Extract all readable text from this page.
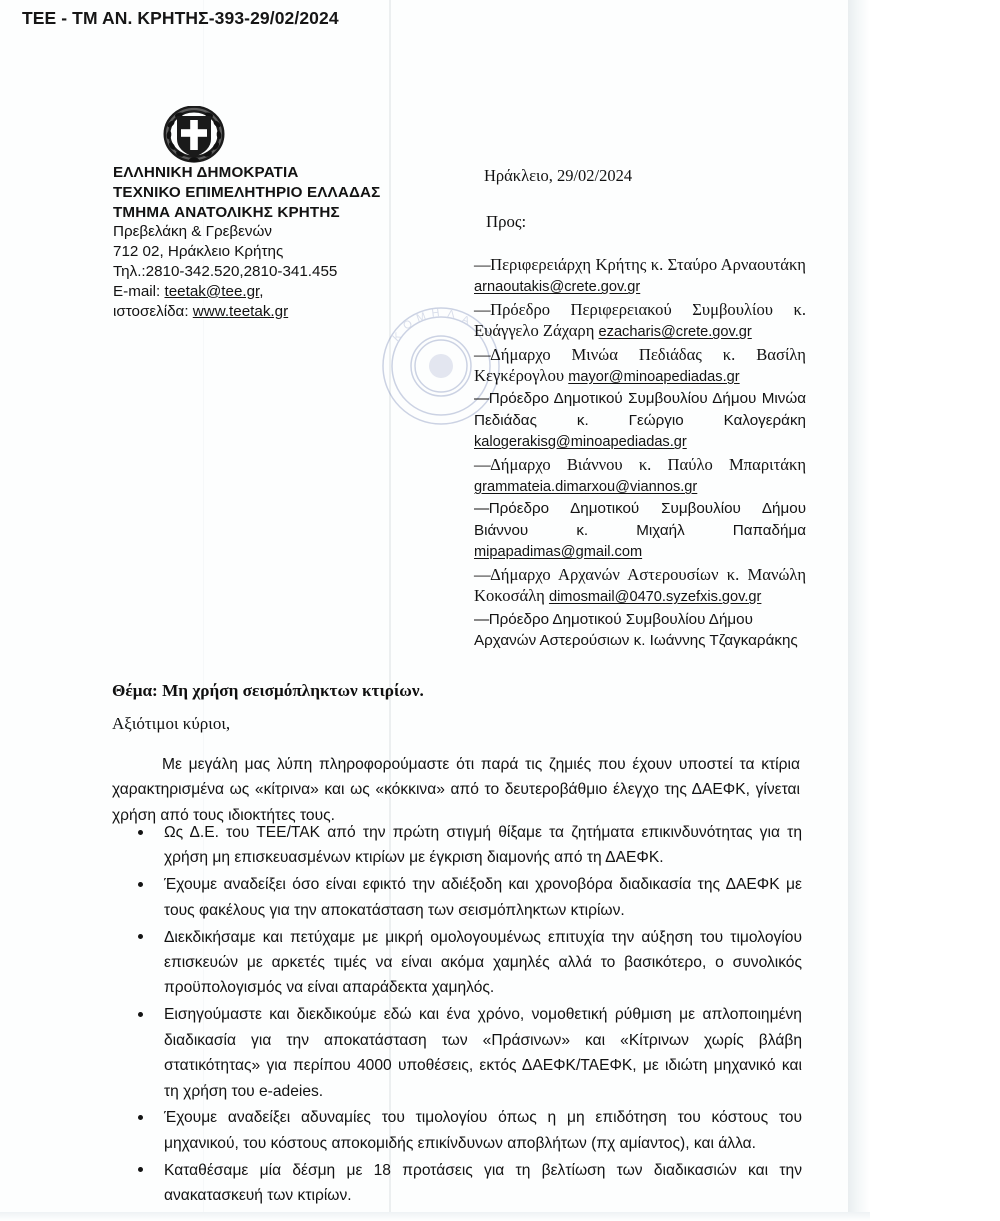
ΤΕΕ - ΤΜ ΑΝ. ΚΡΗΤΗΣ-393-29/02/2024
ΕΛΛΗΝΙΚΗ ΔΗΜΟΚΡΑΤΙΑ
ΤΕΧΝΙΚΟ ΕΠΙΜΕΛΗΤΗΡΙΟ ΕΛΛΑΔΑΣ
ΤΜΗΜΑ ΑΝΑΤΟΛΙΚΗΣ ΚΡΗΤΗΣ
Πρεβελάκη & Γρεβενών
712 02, Ηράκλειο Κρήτης
Τηλ.:2810-342.520,2810-341.455
E-mail: teetak@tee.gr,
ιστοσελίδα: www.teetak.gr
Ηράκλειο, 29/02/2024
Προς:
Κ
Ο
Μ Η Λ Α

—Περιφερειάρχη Κρήτης κ. Σταύρο Αρναουτάκη arnaoutakis@crete.gov.gr

—Πρόεδρο Περιφερειακού Συμβουλίου κ. Ευάγγελο Ζάχαρη ezacharis@crete.gov.gr

—Δήμαρχο Μινώα Πεδιάδας κ. Βασίλη Κεγκέρογλου mayor@minoapediadas.gr

—Πρόεδρο Δημοτικού Συμβουλίου Δήμου Μινώα Πεδιάδας κ. Γεώργιο Καλογεράκη kalogerakisg@minoapediadas.gr

—Δήμαρχο Βιάννου κ. Παύλο Μπαριτάκη grammateia.dimarxou@viannos.gr

—Πρόεδρο Δημοτικού Συμβουλίου Δήμου Βιάννου κ. Μιχαήλ Παπαδήμα mipapadimas@gmail.com

—Δήμαρχο Αρχανών Αστερουσίων κ. Μανώλη Κοκοσάλη dimosmail@0470.syzefxis.gov.gr

—Πρόεδρο Δημοτικού Συμβουλίου Δήμου Αρχανών Αστερούσιων κ. Ιωάννης Τζαγκαράκης

Θέμα: Μη χρήση σεισμόπληκτων κτιρίων.
Αξιότιμοι κύριοι,

Με μεγάλη μας λύπη πληροφορούμαστε ότι παρά τις ζημιές που έχουν υποστεί τα κτίρια χαρακτηρισμένα ως «κίτρινα» και ως «κόκκινα» από το δευτεροβάθμιο έλεγχο της ΔΑΕΦΚ, γίνεται χρήση από τους ιδιοκτήτες τους.

Ως Δ.Ε. του ΤΕΕ/ΤΑΚ από την πρώτη στιγμή θίξαμε τα ζητήματα επικινδυνότητας για τη χρήση μη επισκευασμένων κτιρίων με έγκριση διαμονής από τη ΔΑΕΦΚ.
Έχουμε αναδείξει όσο είναι εφικτό την αδιέξοδη και χρονοβόρα διαδικασία της ΔΑΕΦΚ με τους φακέλους για την αποκατάσταση των σεισμόπληκτων κτιρίων.
Διεκδικήσαμε και πετύχαμε με μικρή ομολογουμένως επιτυχία την αύξηση του τιμολογίου επισκευών με αρκετές τιμές να είναι ακόμα χαμηλές αλλά το βασικότερο, ο συνολικός προϋπολογισμός να είναι απαράδεκτα χαμηλός.
Εισηγούμαστε και διεκδικούμε εδώ και ένα χρόνο, νομοθετική ρύθμιση με απλοποιημένη διαδικασία για την αποκατάσταση των «Πράσινων» και «Κίτρινων χωρίς βλάβη στατικότητας» για περίπου 4000 υποθέσεις, εκτός ΔΑΕΦΚ/ΤΑΕΦΚ, με ιδιώτη μηχανικό και τη χρήση του e-adeies.
Έχουμε αναδείξει αδυναμίες του τιμολογίου όπως η μη επιδότηση του κόστους του μηχανικού, του κόστους αποκομιδής επικίνδυνων αποβλήτων (πχ αμίαντος), και άλλα.
Καταθέσαμε μία δέσμη με 18 προτάσεις για τη βελτίωση των διαδικασιών και την ανακατασκευή των κτιρίων.
